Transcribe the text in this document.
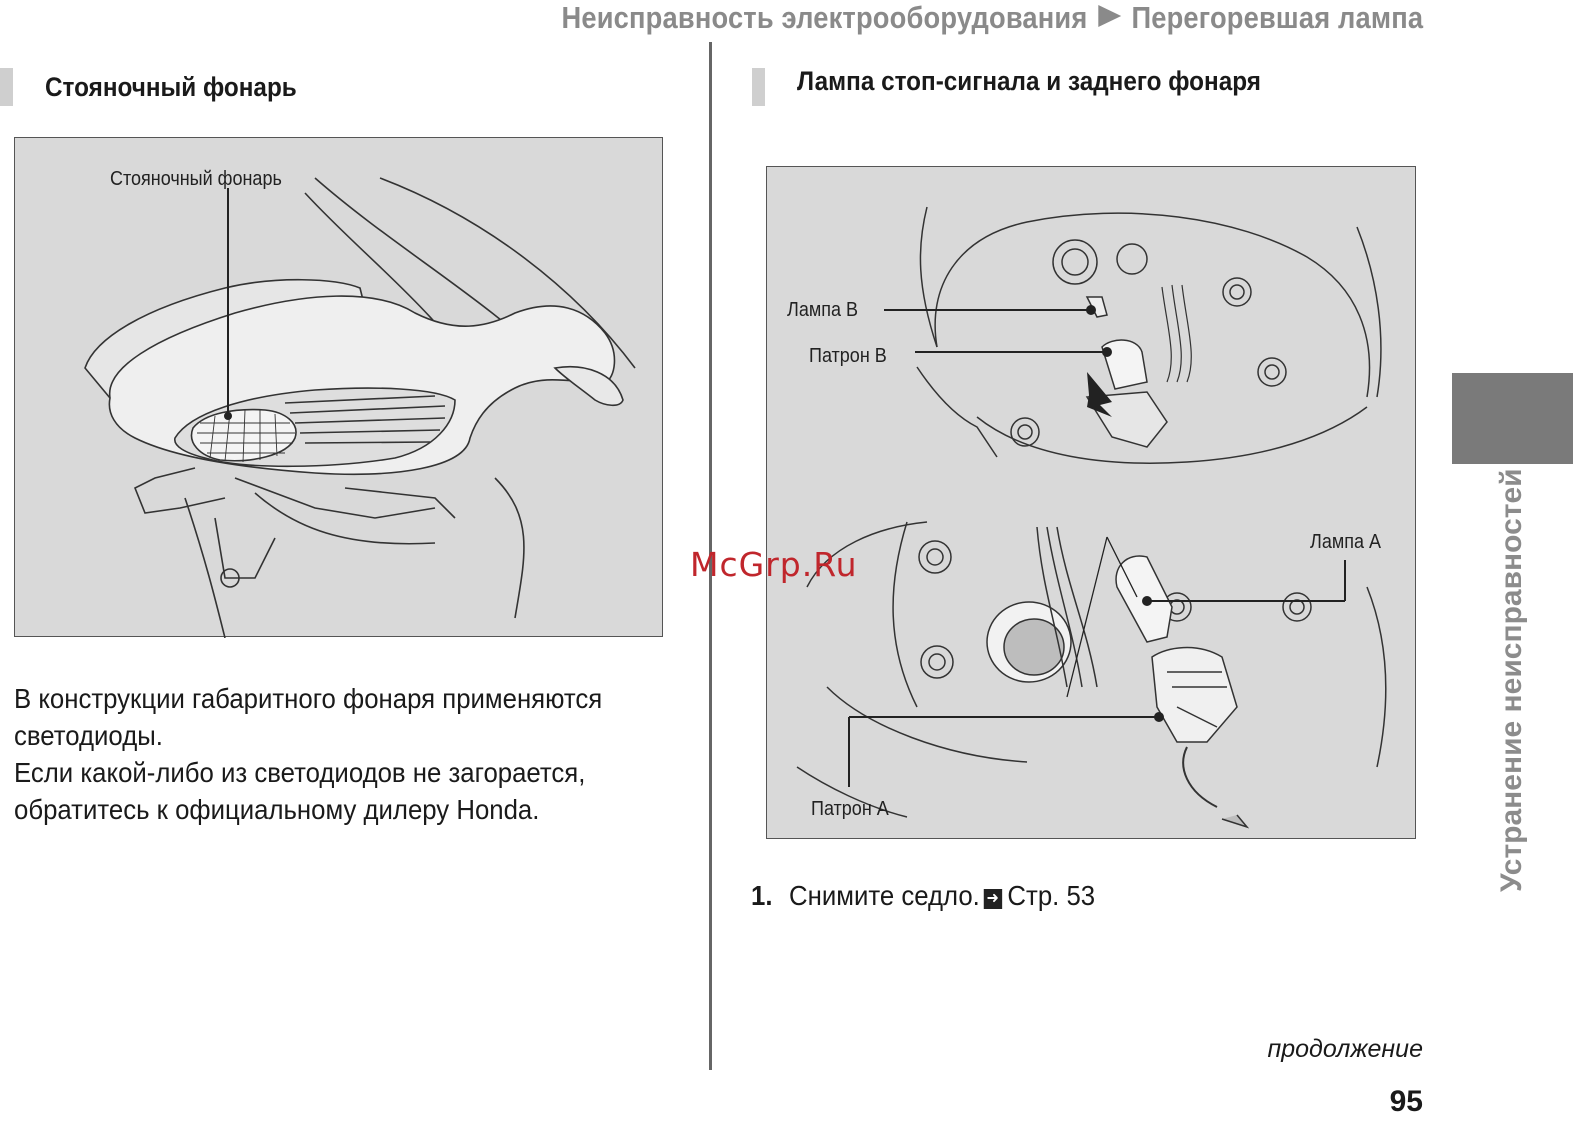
Неисправность электрооборудования Перегоревшая лампа
Стояночный фонарь
Стояночный фонарь
В конструкции габаритного фонаря применяются
светодиоды.
Если какой-либо из светодиодов не загорается,
обратитесь к официальному дилеру Honda.
Лампа стоп-сигнала и заднего фонаря
Лампа B
Патрон B
Лампа A
Патрон A
1. Снимите седло. ➜ Стр. 53
Устранение неисправностей
McGrp.Ru
продолжение
95
